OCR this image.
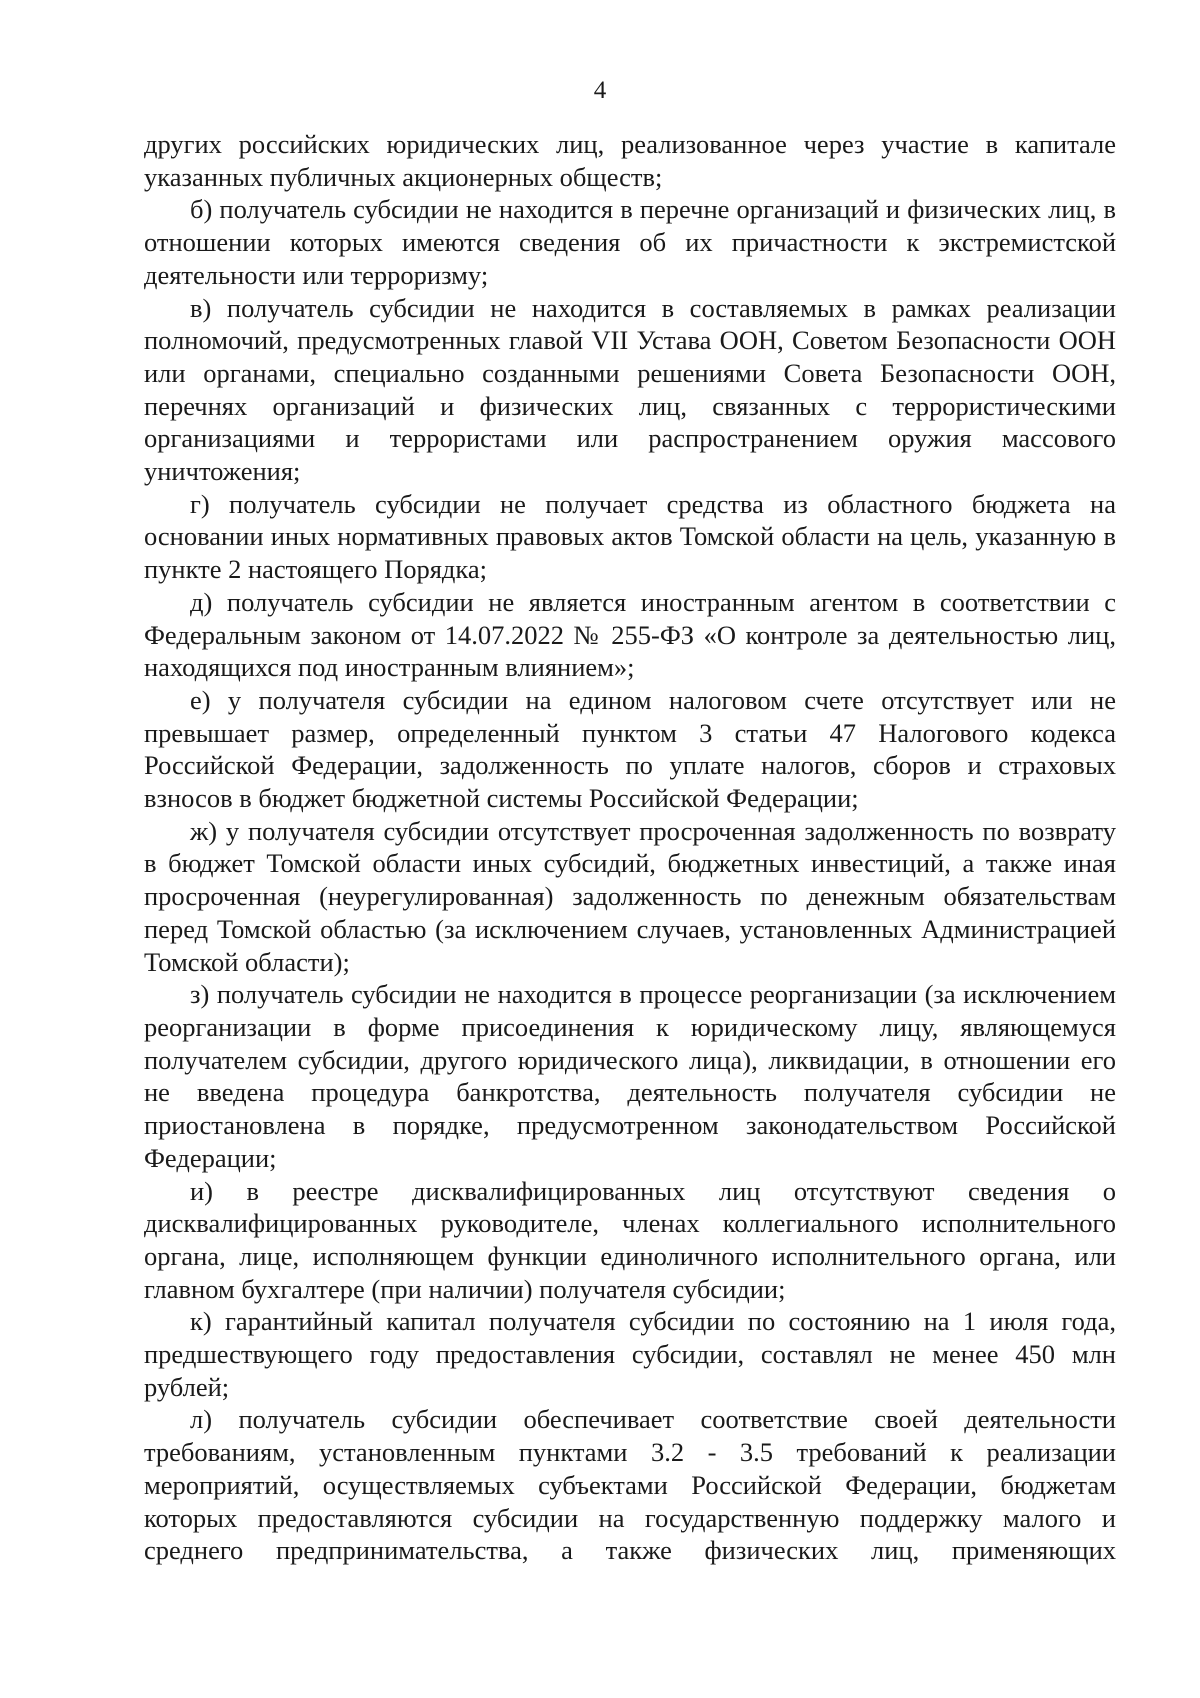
4

других российских юридических лиц, реализованное через участие в капитале указанных публичных акционерных обществ;

б) получатель субсидии не находится в перечне организаций и физических лиц, в отношении которых имеются сведения об их причастности к экстремистской деятельности или терроризму;

в) получатель субсидии не находится в составляемых в рамках реализации полномочий, предусмотренных главой VII Устава ООН, Советом Безопасности ООН или органами, специально созданными решениями Совета Безопасности ООН, перечнях организаций и физических лиц, связанных с террористическими организациями и террористами или распространением оружия массового уничтожения;

г) получатель субсидии не получает средства из областного бюджета на основании иных нормативных правовых актов Томской области на цель, указанную в пункте 2 настоящего Порядка;

д) получатель субсидии не является иностранным агентом в соответствии с Федеральным законом от 14.07.2022 № 255-ФЗ «О контроле за деятельностью лиц, находящихся под иностранным влиянием»;

е) у получателя субсидии на едином налоговом счете отсутствует или не превышает размер, определенный пунктом 3 статьи 47 Налогового кодекса Российской Федерации, задолженность по уплате налогов, сборов и страховых взносов в бюджет бюджетной системы Российской Федерации;

ж) у получателя субсидии отсутствует просроченная задолженность по возврату в бюджет Томской области иных субсидий, бюджетных инвестиций, а также иная просроченная (неурегулированная) задолженность по денежным обязательствам перед Томской областью (за исключением случаев, установленных Администрацией Томской области);

з) получатель субсидии не находится в процессе реорганизации (за исключением реорганизации в форме присоединения к юридическому лицу, являющемуся получателем субсидии, другого юридического лица), ликвидации, в отношении его не введена процедура банкротства, деятельность получателя субсидии не приостановлена в порядке, предусмотренном законодательством Российской Федерации;

и) в реестре дисквалифицированных лиц отсутствуют сведения о дисквалифицированных руководителе, членах коллегиального исполнительного органа, лице, исполняющем функции единоличного исполнительного органа, или главном бухгалтере (при наличии) получателя субсидии;

к) гарантийный капитал получателя субсидии по состоянию на 1 июля года, предшествующего году предоставления субсидии, составлял не менее 450 млн рублей;

л) получатель субсидии обеспечивает соответствие своей деятельности требованиям, установленным пунктами 3.2 - 3.5 требований к реализации мероприятий, осуществляемых субъектами Российской Федерации, бюджетам которых предоставляются субсидии на государственную поддержку малого и среднего предпринимательства, а также физических лиц, применяющих
